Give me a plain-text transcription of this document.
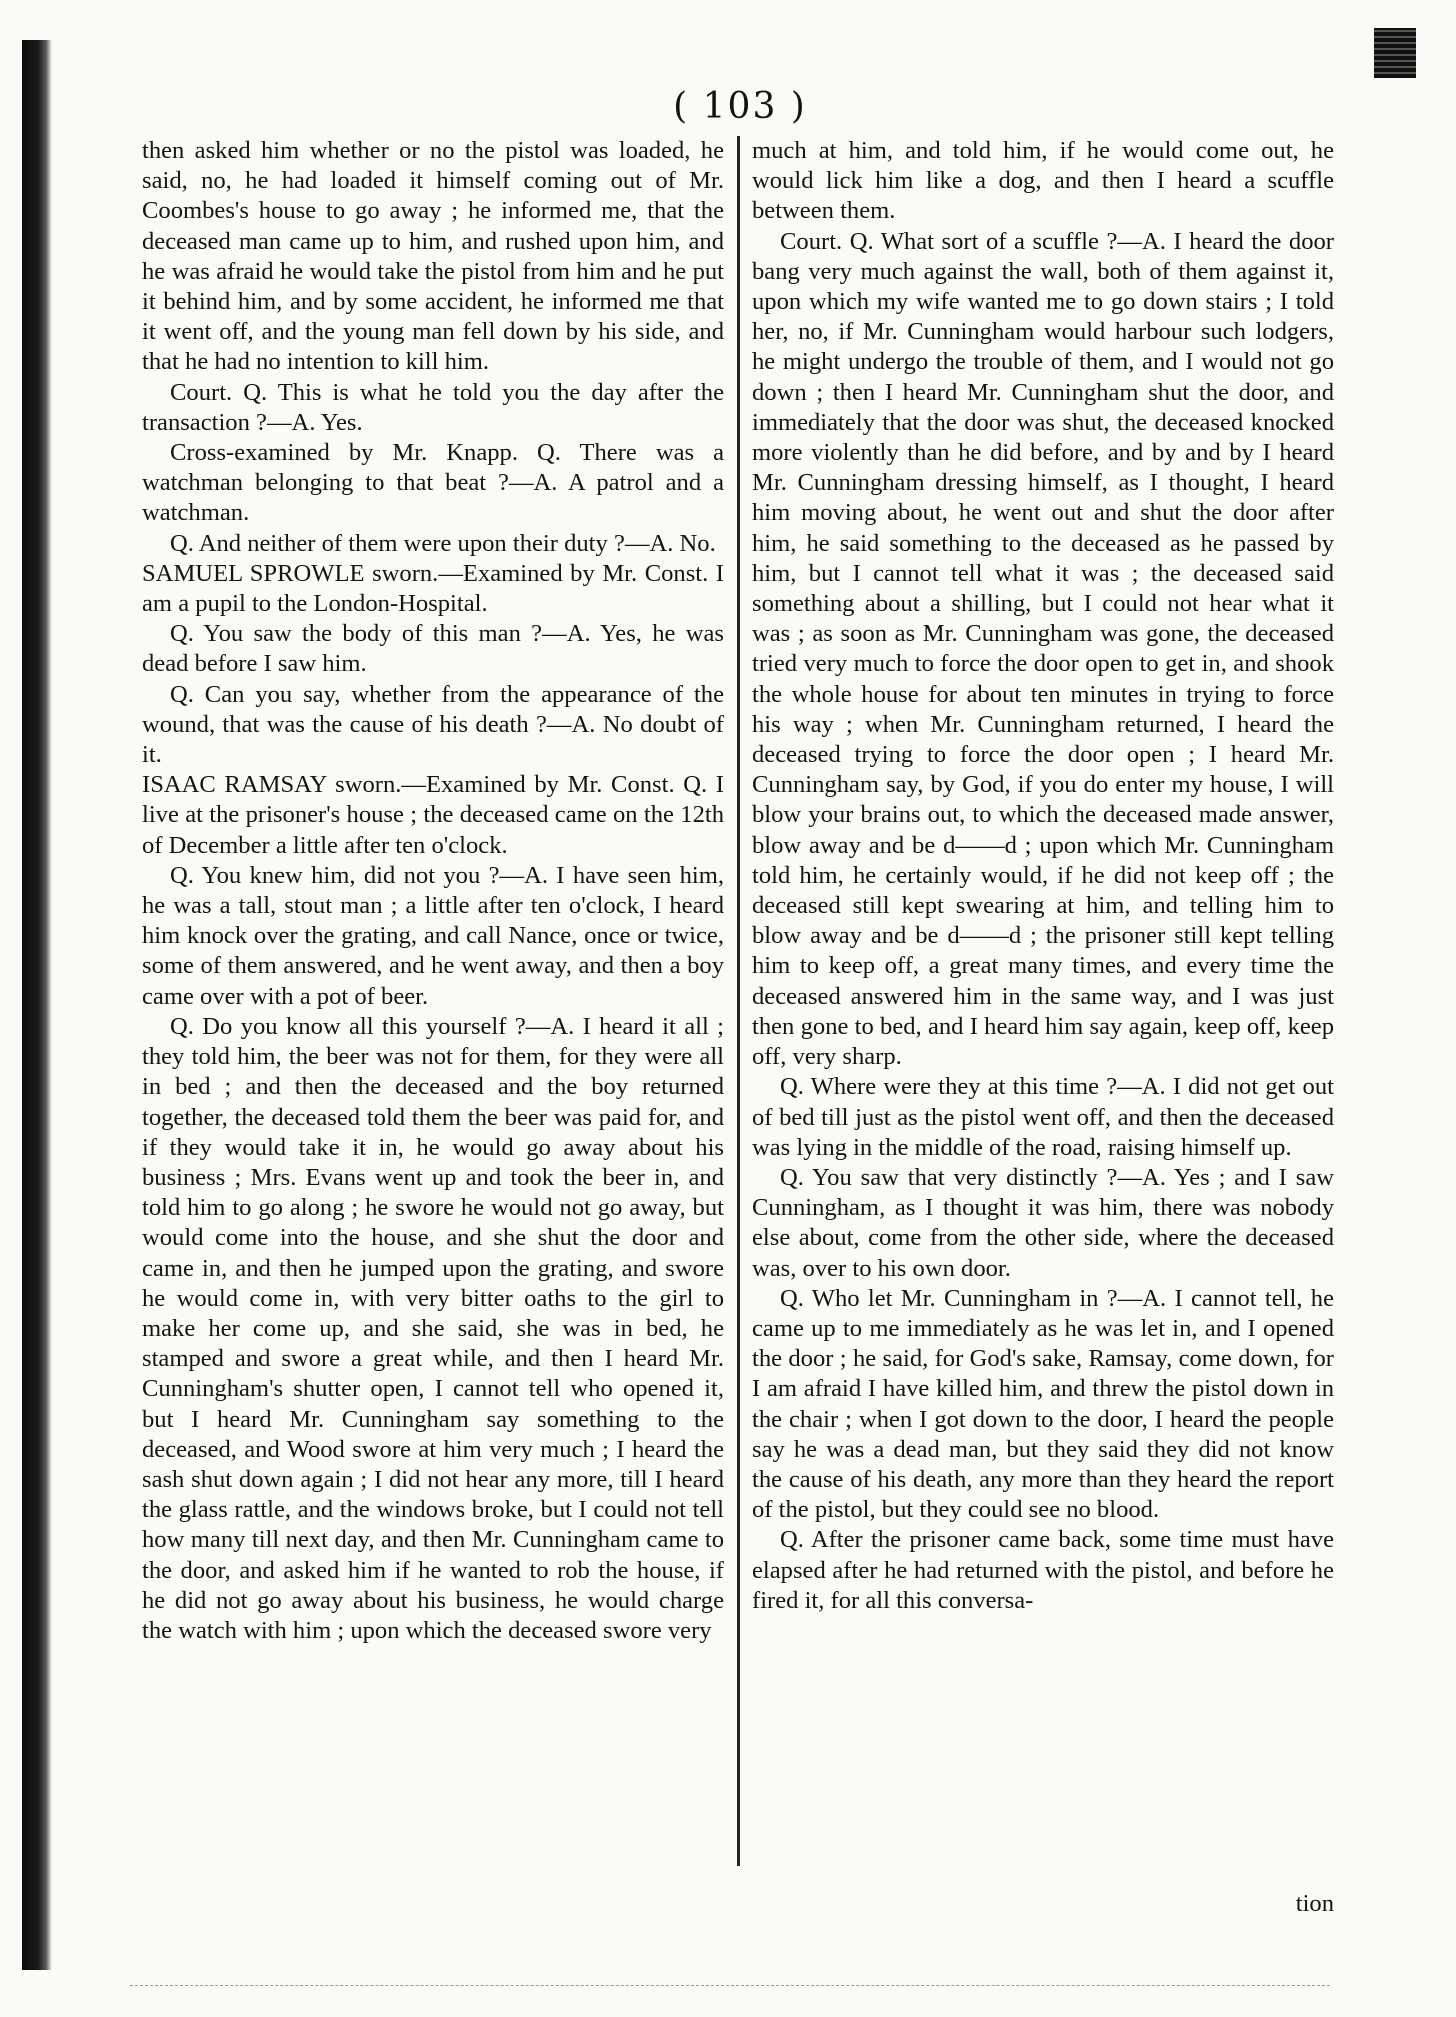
( 103 )

then asked him whether or no the pistol was loaded, he said, no, he had loaded it himself coming out of Mr. Coombes's house to go away ; he informed me, that the deceased man came up to him, and rushed upon him, and he was afraid he would take the pistol from him and he put it behind him, and by some accident, he informed me that it went off, and the young man fell down by his side, and that he had no intention to kill him.

Court. Q. This is what he told you the day after the transaction ?—A. Yes.

Cross-examined by Mr. Knapp. Q. There was a watchman belonging to that beat ?—A. A patrol and a watchman.

Q. And neither of them were upon their duty ?—A. No.

SAMUEL SPROWLE sworn.—Examined by Mr. Const. I am a pupil to the London-Hospital.

Q. You saw the body of this man ?—A. Yes, he was dead before I saw him.

Q. Can you say, whether from the appearance of the wound, that was the cause of his death ?—A. No doubt of it.

ISAAC RAMSAY sworn.—Examined by Mr. Const. Q. I live at the prisoner's house ; the deceased came on the 12th of December a little after ten o'clock.

Q. You knew him, did not you ?—A. I have seen him, he was a tall, stout man ; a little after ten o'clock, I heard him knock over the grating, and call Nance, once or twice, some of them answered, and he went away, and then a boy came over with a pot of beer.

Q. Do you know all this yourself ?—A. I heard it all ; they told him, the beer was not for them, for they were all in bed ; and then the deceased and the boy returned together, the deceased told them the beer was paid for, and if they would take it in, he would go away about his business ; Mrs. Evans went up and took the beer in, and told him to go along ; he swore he would not go away, but would come into the house, and she shut the door and came in, and then he jumped upon the grating, and swore he would come in, with very bitter oaths to the girl to make her come up, and she said, she was in bed, he stamped and swore a great while, and then I heard Mr. Cunningham's shutter open, I cannot tell who opened it, but I heard Mr. Cunningham say something to the deceased, and Wood swore at him very much ; I heard the sash shut down again ; I did not hear any more, till I heard the glass rattle, and the windows broke, but I could not tell how many till next day, and then Mr. Cunningham came to the door, and asked him if he wanted to rob the house, if he did not go away about his business, he would charge the watch with him ; upon which the deceased swore very

much at him, and told him, if he would come out, he would lick him like a dog, and then I heard a scuffle between them.

Court. Q. What sort of a scuffle ?—A. I heard the door bang very much against the wall, both of them against it, upon which my wife wanted me to go down stairs ; I told her, no, if Mr. Cunningham would harbour such lodgers, he might undergo the trouble of them, and I would not go down ; then I heard Mr. Cunningham shut the door, and immediately that the door was shut, the deceased knocked more violently than he did before, and by and by I heard Mr. Cunningham dressing himself, as I thought, I heard him moving about, he went out and shut the door after him, he said something to the deceased as he passed by him, but I cannot tell what it was ; the deceased said something about a shilling, but I could not hear what it was ; as soon as Mr. Cunningham was gone, the deceased tried very much to force the door open to get in, and shook the whole house for about ten minutes in trying to force his way ; when Mr. Cunningham returned, I heard the deceased trying to force the door open ; I heard Mr. Cunningham say, by God, if you do enter my house, I will blow your brains out, to which the deceased made answer, blow away and be d——d ; upon which Mr. Cunningham told him, he certainly would, if he did not keep off ; the deceased still kept swearing at him, and telling him to blow away and be d——d ; the prisoner still kept telling him to keep off, a great many times, and every time the deceased answered him in the same way, and I was just then gone to bed, and I heard him say again, keep off, keep off, very sharp.

Q. Where were they at this time ?—A. I did not get out of bed till just as the pistol went off, and then the deceased was lying in the middle of the road, raising himself up.

Q. You saw that very distinctly ?—A. Yes ; and I saw Cunningham, as I thought it was him, there was nobody else about, come from the other side, where the deceased was, over to his own door.

Q. Who let Mr. Cunningham in ?—A. I cannot tell, he came up to me immediately as he was let in, and I opened the door ; he said, for God's sake, Ramsay, come down, for I am afraid I have killed him, and threw the pistol down in the chair ; when I got down to the door, I heard the people say he was a dead man, but they said they did not know the cause of his death, any more than they heard the report of the pistol, but they could see no blood.

Q. After the prisoner came back, some time must have elapsed after he had returned with the pistol, and before he fired it, for all this conversa-

tion
